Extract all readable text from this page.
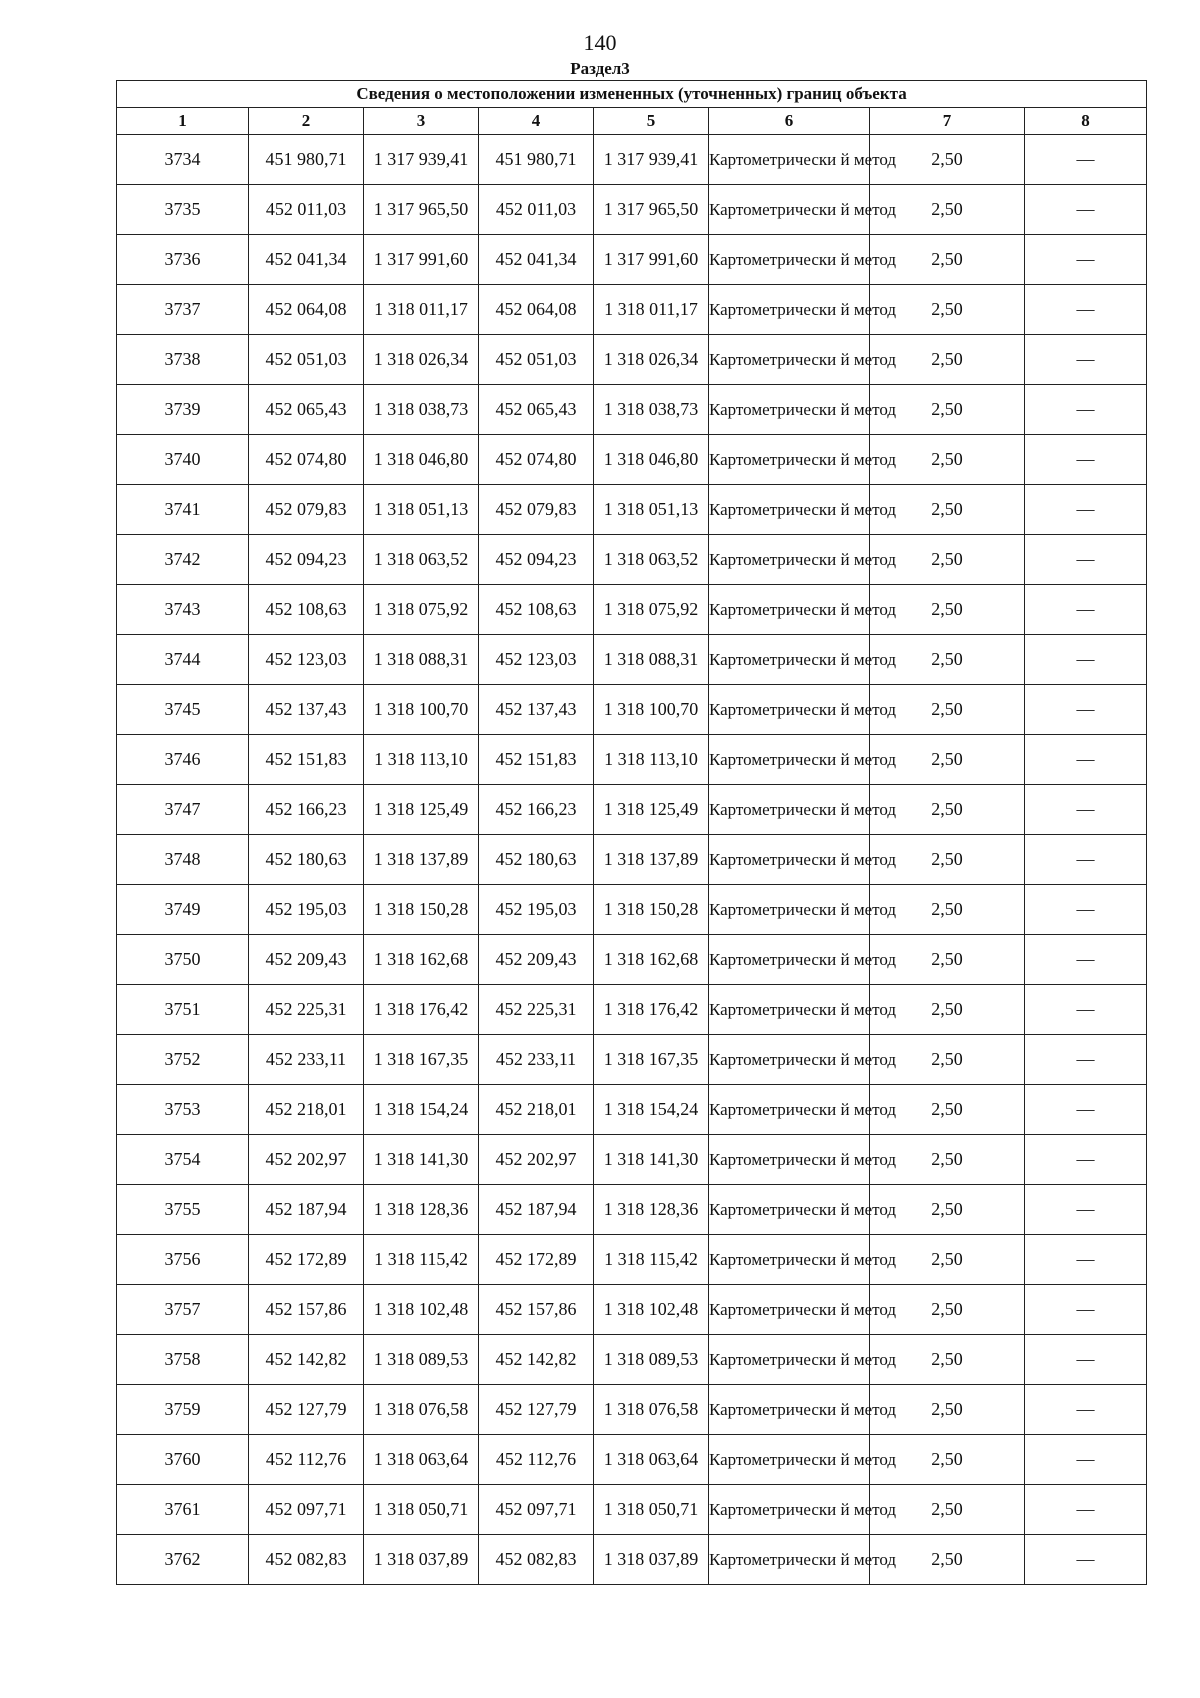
140
Раздел3
Сведения о местоположении измененных (уточненных) границ объекта							
1	2	3	4	5	6	7	8
3734	451 980,71	1 317 939,41	451 980,71	1 317 939,41	Картометрически й метод	2,50	—
3735	452 011,03	1 317 965,50	452 011,03	1 317 965,50	Картометрически й метод	2,50	—
3736	452 041,34	1 317 991,60	452 041,34	1 317 991,60	Картометрически й метод	2,50	—
3737	452 064,08	1 318 011,17	452 064,08	1 318 011,17	Картометрически й метод	2,50	—
3738	452 051,03	1 318 026,34	452 051,03	1 318 026,34	Картометрически й метод	2,50	—
3739	452 065,43	1 318 038,73	452 065,43	1 318 038,73	Картометрически й метод	2,50	—
3740	452 074,80	1 318 046,80	452 074,80	1 318 046,80	Картометрически й метод	2,50	—
3741	452 079,83	1 318 051,13	452 079,83	1 318 051,13	Картометрически й метод	2,50	—
3742	452 094,23	1 318 063,52	452 094,23	1 318 063,52	Картометрически й метод	2,50	—
3743	452 108,63	1 318 075,92	452 108,63	1 318 075,92	Картометрически й метод	2,50	—
3744	452 123,03	1 318 088,31	452 123,03	1 318 088,31	Картометрически й метод	2,50	—
3745	452 137,43	1 318 100,70	452 137,43	1 318 100,70	Картометрически й метод	2,50	—
3746	452 151,83	1 318 113,10	452 151,83	1 318 113,10	Картометрически й метод	2,50	—
3747	452 166,23	1 318 125,49	452 166,23	1 318 125,49	Картометрически й метод	2,50	—
3748	452 180,63	1 318 137,89	452 180,63	1 318 137,89	Картометрически й метод	2,50	—
3749	452 195,03	1 318 150,28	452 195,03	1 318 150,28	Картометрически й метод	2,50	—
3750	452 209,43	1 318 162,68	452 209,43	1 318 162,68	Картометрически й метод	2,50	—
3751	452 225,31	1 318 176,42	452 225,31	1 318 176,42	Картометрически й метод	2,50	—
3752	452 233,11	1 318 167,35	452 233,11	1 318 167,35	Картометрически й метод	2,50	—
3753	452 218,01	1 318 154,24	452 218,01	1 318 154,24	Картометрически й метод	2,50	—
3754	452 202,97	1 318 141,30	452 202,97	1 318 141,30	Картометрически й метод	2,50	—
3755	452 187,94	1 318 128,36	452 187,94	1 318 128,36	Картометрически й метод	2,50	—
3756	452 172,89	1 318 115,42	452 172,89	1 318 115,42	Картометрически й метод	2,50	—
3757	452 157,86	1 318 102,48	452 157,86	1 318 102,48	Картометрически й метод	2,50	—
3758	452 142,82	1 318 089,53	452 142,82	1 318 089,53	Картометрически й метод	2,50	—
3759	452 127,79	1 318 076,58	452 127,79	1 318 076,58	Картометрически й метод	2,50	—
3760	452 112,76	1 318 063,64	452 112,76	1 318 063,64	Картометрически й метод	2,50	—
3761	452 097,71	1 318 050,71	452 097,71	1 318 050,71	Картометрически й метод	2,50	—
3762	452 082,83	1 318 037,89	452 082,83	1 318 037,89	Картометрически й метод	2,50	—
